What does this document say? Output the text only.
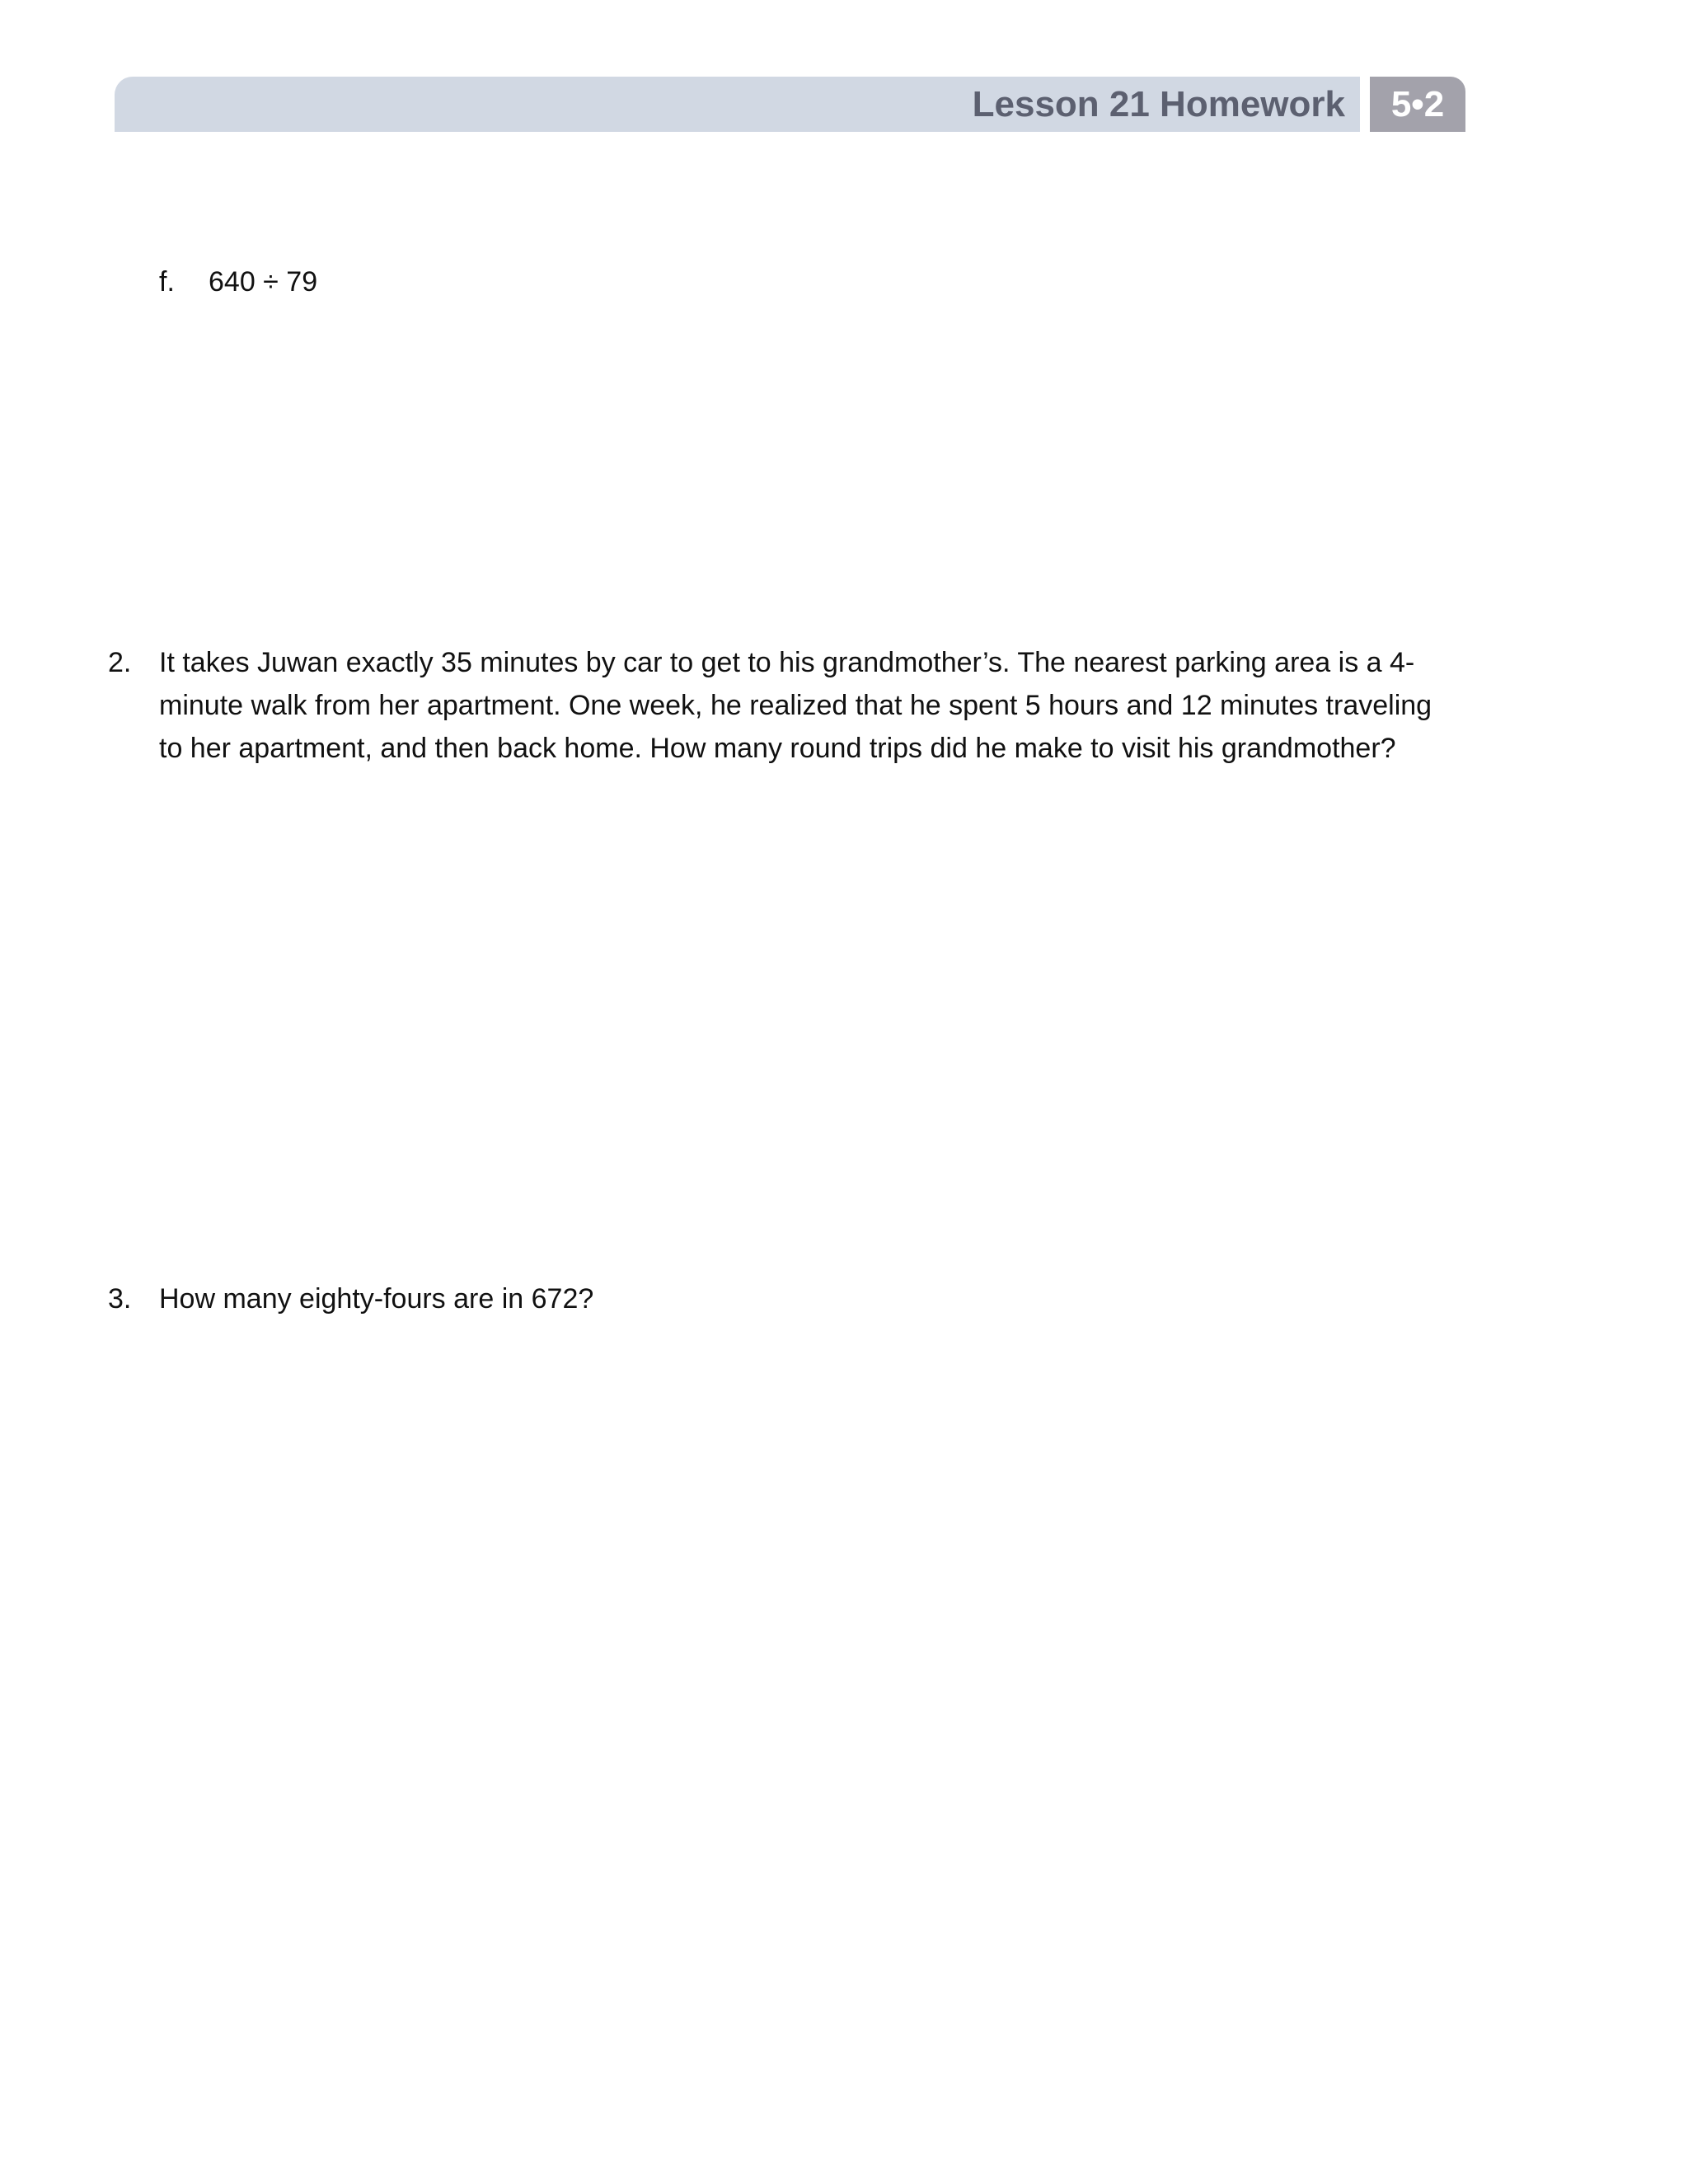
Lesson 21 Homework	5•2
f. 640 ÷ 79
2. It takes Juwan exactly 35 minutes by car to get to his grandmother’s. The nearest parking area is a 4-minute walk from her apartment. One week, he realized that he spent 5 hours and 12 minutes traveling to her apartment, and then back home. How many round trips did he make to visit his grandmother?
3. How many eighty-fours are in 672?
